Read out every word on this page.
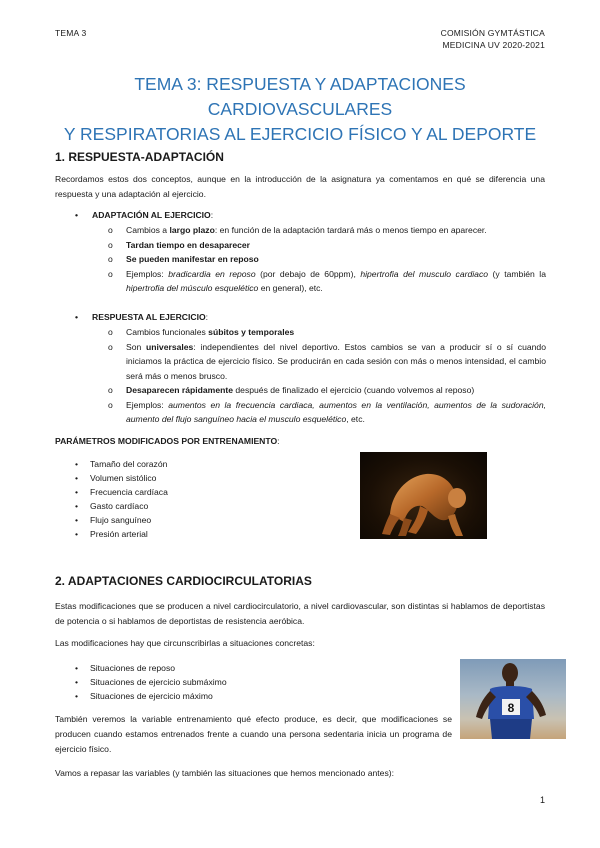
TEMA 3	COMISIÓN GYMTÁSTICA
MEDICINA UV 2020-2021
TEMA 3: RESPUESTA Y ADAPTACIONES CARDIOVASCULARES
Y RESPIRATORIAS AL EJERCICIO FÍSICO Y AL DEPORTE
1. RESPUESTA-ADAPTACIÓN
Recordamos estos dos conceptos, aunque en la introducción de la asignatura ya comentamos en qué se diferencia una respuesta y una adaptación al ejercicio.
• ADAPTACIÓN AL EJERCICIO:
o Cambios a largo plazo: en función de la adaptación tardará más o menos tiempo en aparecer.
o Tardan tiempo en desaparecer
o Se pueden manifestar en reposo
o Ejemplos: bradicardia en reposo (por debajo de 60ppm), hipertrofia del musculo cardiaco (y también la hipertrofia del músculo esquelético en general), etc.
• RESPUESTA AL EJERCICIO:
o Cambios funcionales súbitos y temporales
o Son universales: independientes del nivel deportivo. Estos cambios se van a producir sí o sí cuando iniciamos la práctica de ejercicio físico. Se producirán en cada sesión con más o menos intensidad, el cambio será más o menos brusco.
o Desaparecen rápidamente después de finalizado el ejercicio (cuando volvemos al reposo)
o Ejemplos: aumentos en la frecuencia cardiaca, aumentos en la ventilación, aumentos de la sudoración, aumento del flujo sanguíneo hacia el musculo esquelético, etc.
PARÁMETROS MODIFICADOS POR ENTRENAMIENTO:
• Tamaño del corazón
• Volumen sistólico
• Frecuencia cardíaca
• Gasto cardíaco
• Flujo sanguíneo
• Presión arterial
2. ADAPTACIONES CARDIOCIRCULATORIAS
Estas modificaciones que se producen a nivel cardiocirculatorio, a nivel cardiovascular, son distintas si hablamos de deportistas de potencia o si hablamos de deportistas de resistencia aeróbica.
Las modificaciones hay que circunscribirlas a situaciones concretas:
• Situaciones de reposo
• Situaciones de ejercicio submáximo
• Situaciones de ejercicio máximo
8
También veremos la variable entrenamiento qué efecto produce, es decir, que modificaciones se producen cuando estamos entrenados frente a cuando una persona sedentaria inicia un programa de ejercicio físico.
Vamos a repasar las variables (y también las situaciones que hemos mencionado antes):
1
